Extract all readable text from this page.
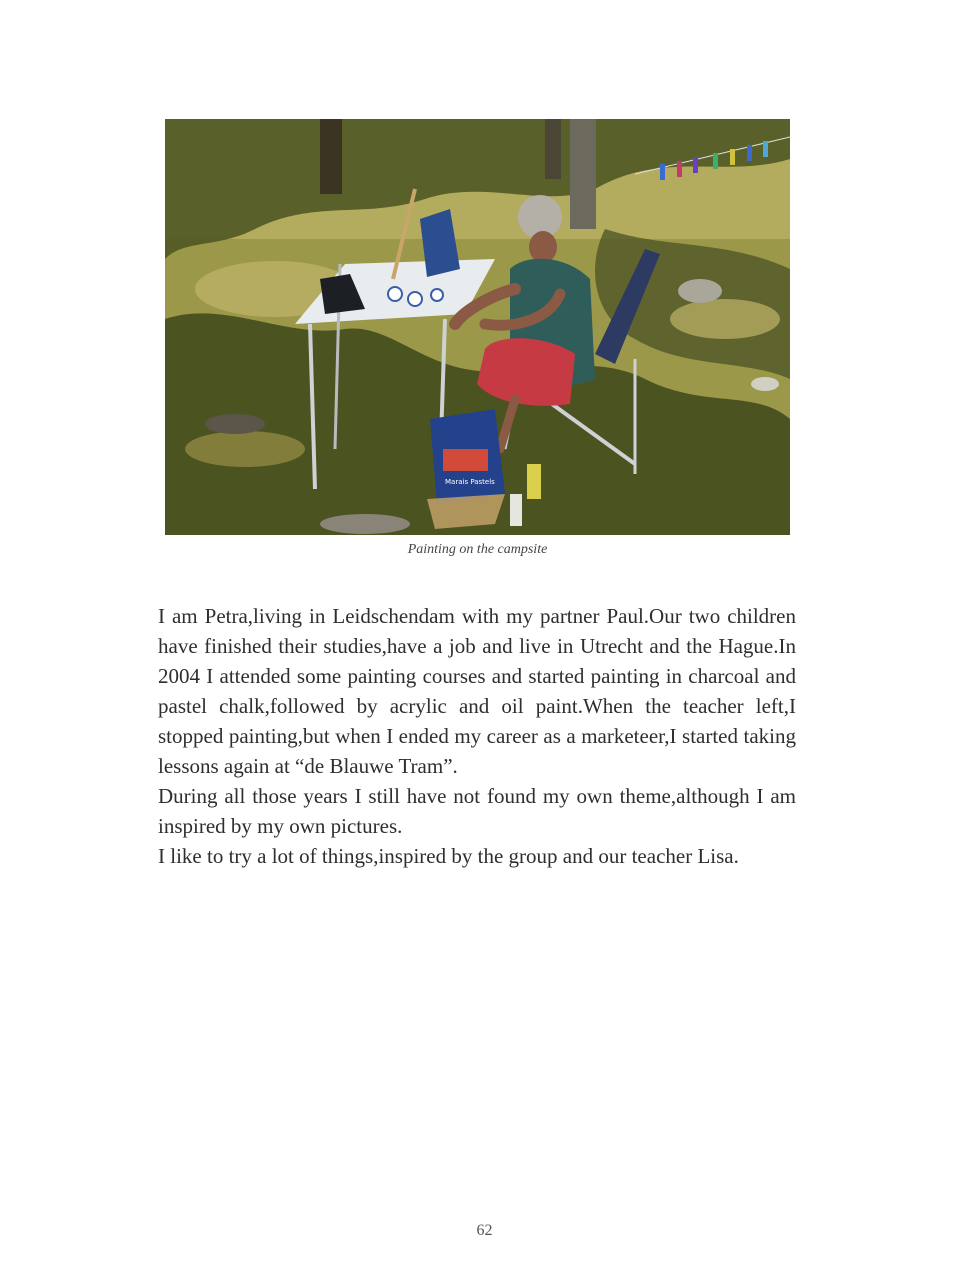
Marais Pastels
Painting on the campsite

I am Petra,living in Leidschendam with my partner Paul.Our two children have finished their studies,have a job and live in Utrecht and the Hague.In 2004 I attended some painting courses and started painting in charcoal and pastel chalk,followed by acrylic and oil paint.When the teacher left,I stopped painting,but when I ended my career as a marketeer,I started taking lessons again at “de Blauwe Tram”.

During all those years I still have not found my own theme,although I am inspired by my own pictures.

I like to try a lot of things,inspired by the group and our teacher Lisa.

62
